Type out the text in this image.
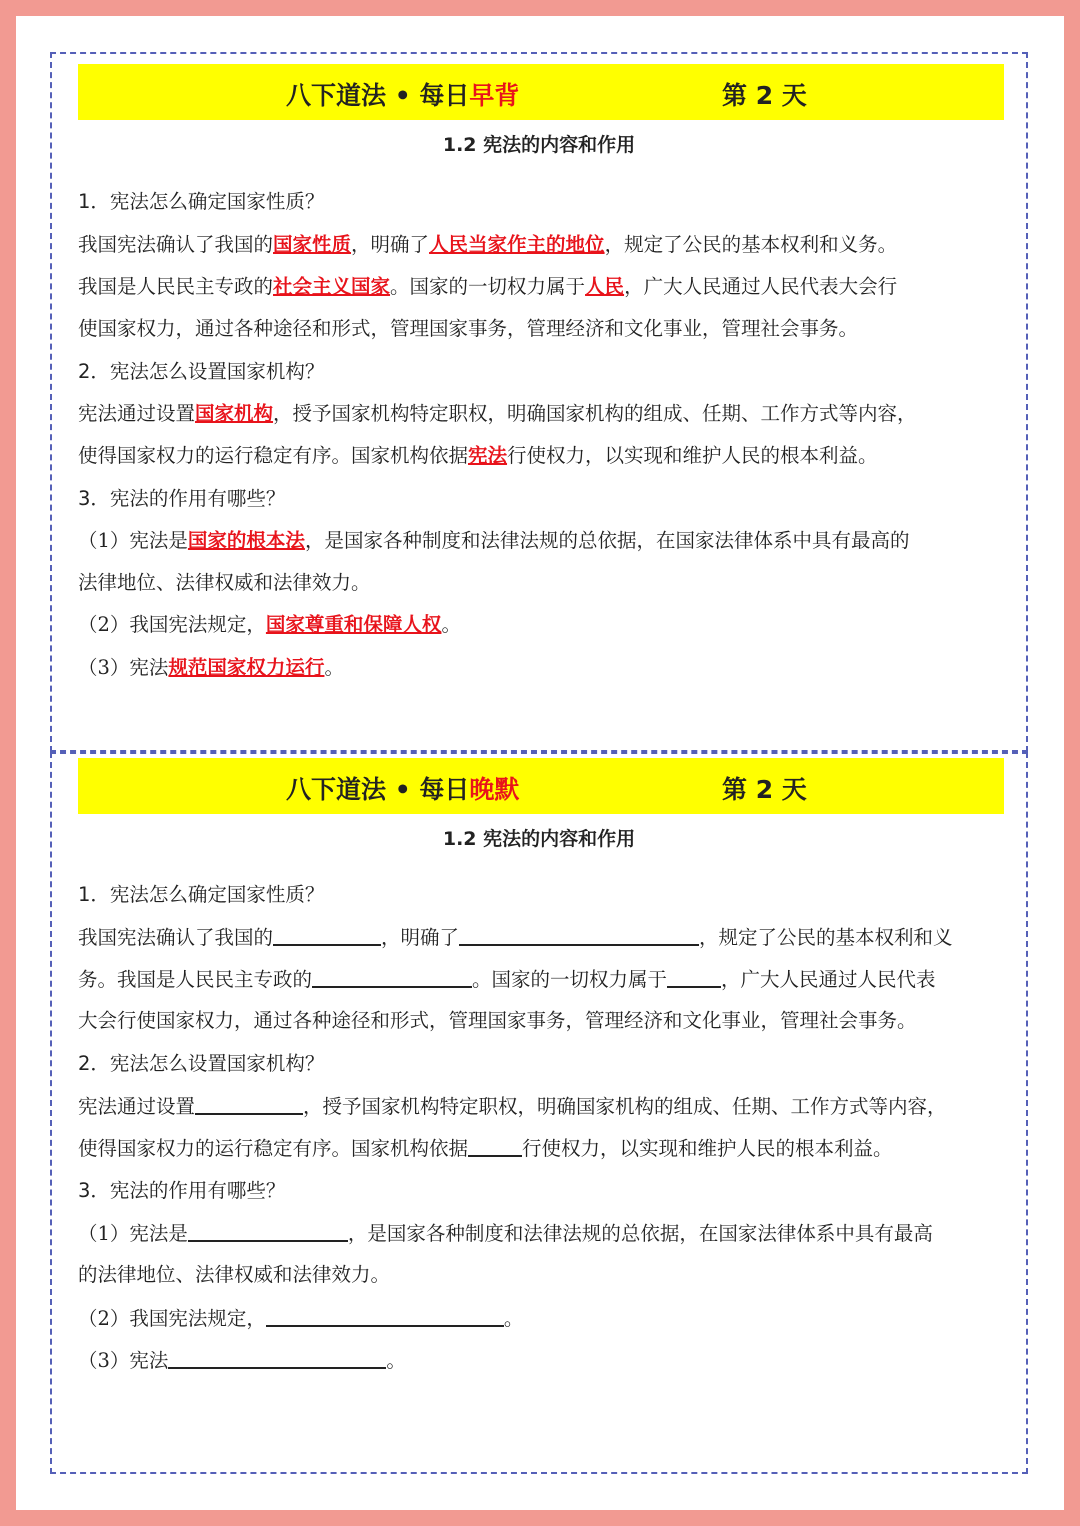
八下道法 • 每日早背	第 2 天
1.2 宪法的内容和作用
1．宪法怎么确定国家性质？
我国宪法确认了我国的国家性质，明确了人民当家作主的地位，规定了公民的基本权利和义务。
我国是人民民主专政的社会主义国家。国家的一切权力属于人民，广大人民通过人民代表大会行
使国家权力，通过各种途径和形式，管理国家事务，管理经济和文化事业，管理社会事务。
2．宪法怎么设置国家机构？
宪法通过设置国家机构，授予国家机构特定职权，明确国家机构的组成、任期、工作方式等内容，
使得国家权力的运行稳定有序。国家机构依据宪法行使权力，以实现和维护人民的根本利益。
3．宪法的作用有哪些？
（1）宪法是国家的根本法，是国家各种制度和法律法规的总依据，在国家法律体系中具有最高的
法律地位、法律权威和法律效力。
（2）我国宪法规定，国家尊重和保障人权。
（3）宪法规范国家权力运行。
八下道法 • 每日晚默	第 2 天
1.2 宪法的内容和作用
1．宪法怎么确定国家性质？
我国宪法确认了我国的	，明确了	，规定了公民的基本权利和义
务。我国是人民民主专政的	。国家的一切权力属于	，广大人民通过人民代表
大会行使国家权力，通过各种途径和形式，管理国家事务，管理经济和文化事业，管理社会事务。
2．宪法怎么设置国家机构？
宪法通过设置	，授予国家机构特定职权，明确国家机构的组成、任期、工作方式等内容，
使得国家权力的运行稳定有序。国家机构依据	行使权力，以实现和维护人民的根本利益。
3．宪法的作用有哪些？
（1）宪法是	，是国家各种制度和法律法规的总依据，在国家法律体系中具有最高
的法律地位、法律权威和法律效力。
（2）我国宪法规定，	。
（3）宪法	。
